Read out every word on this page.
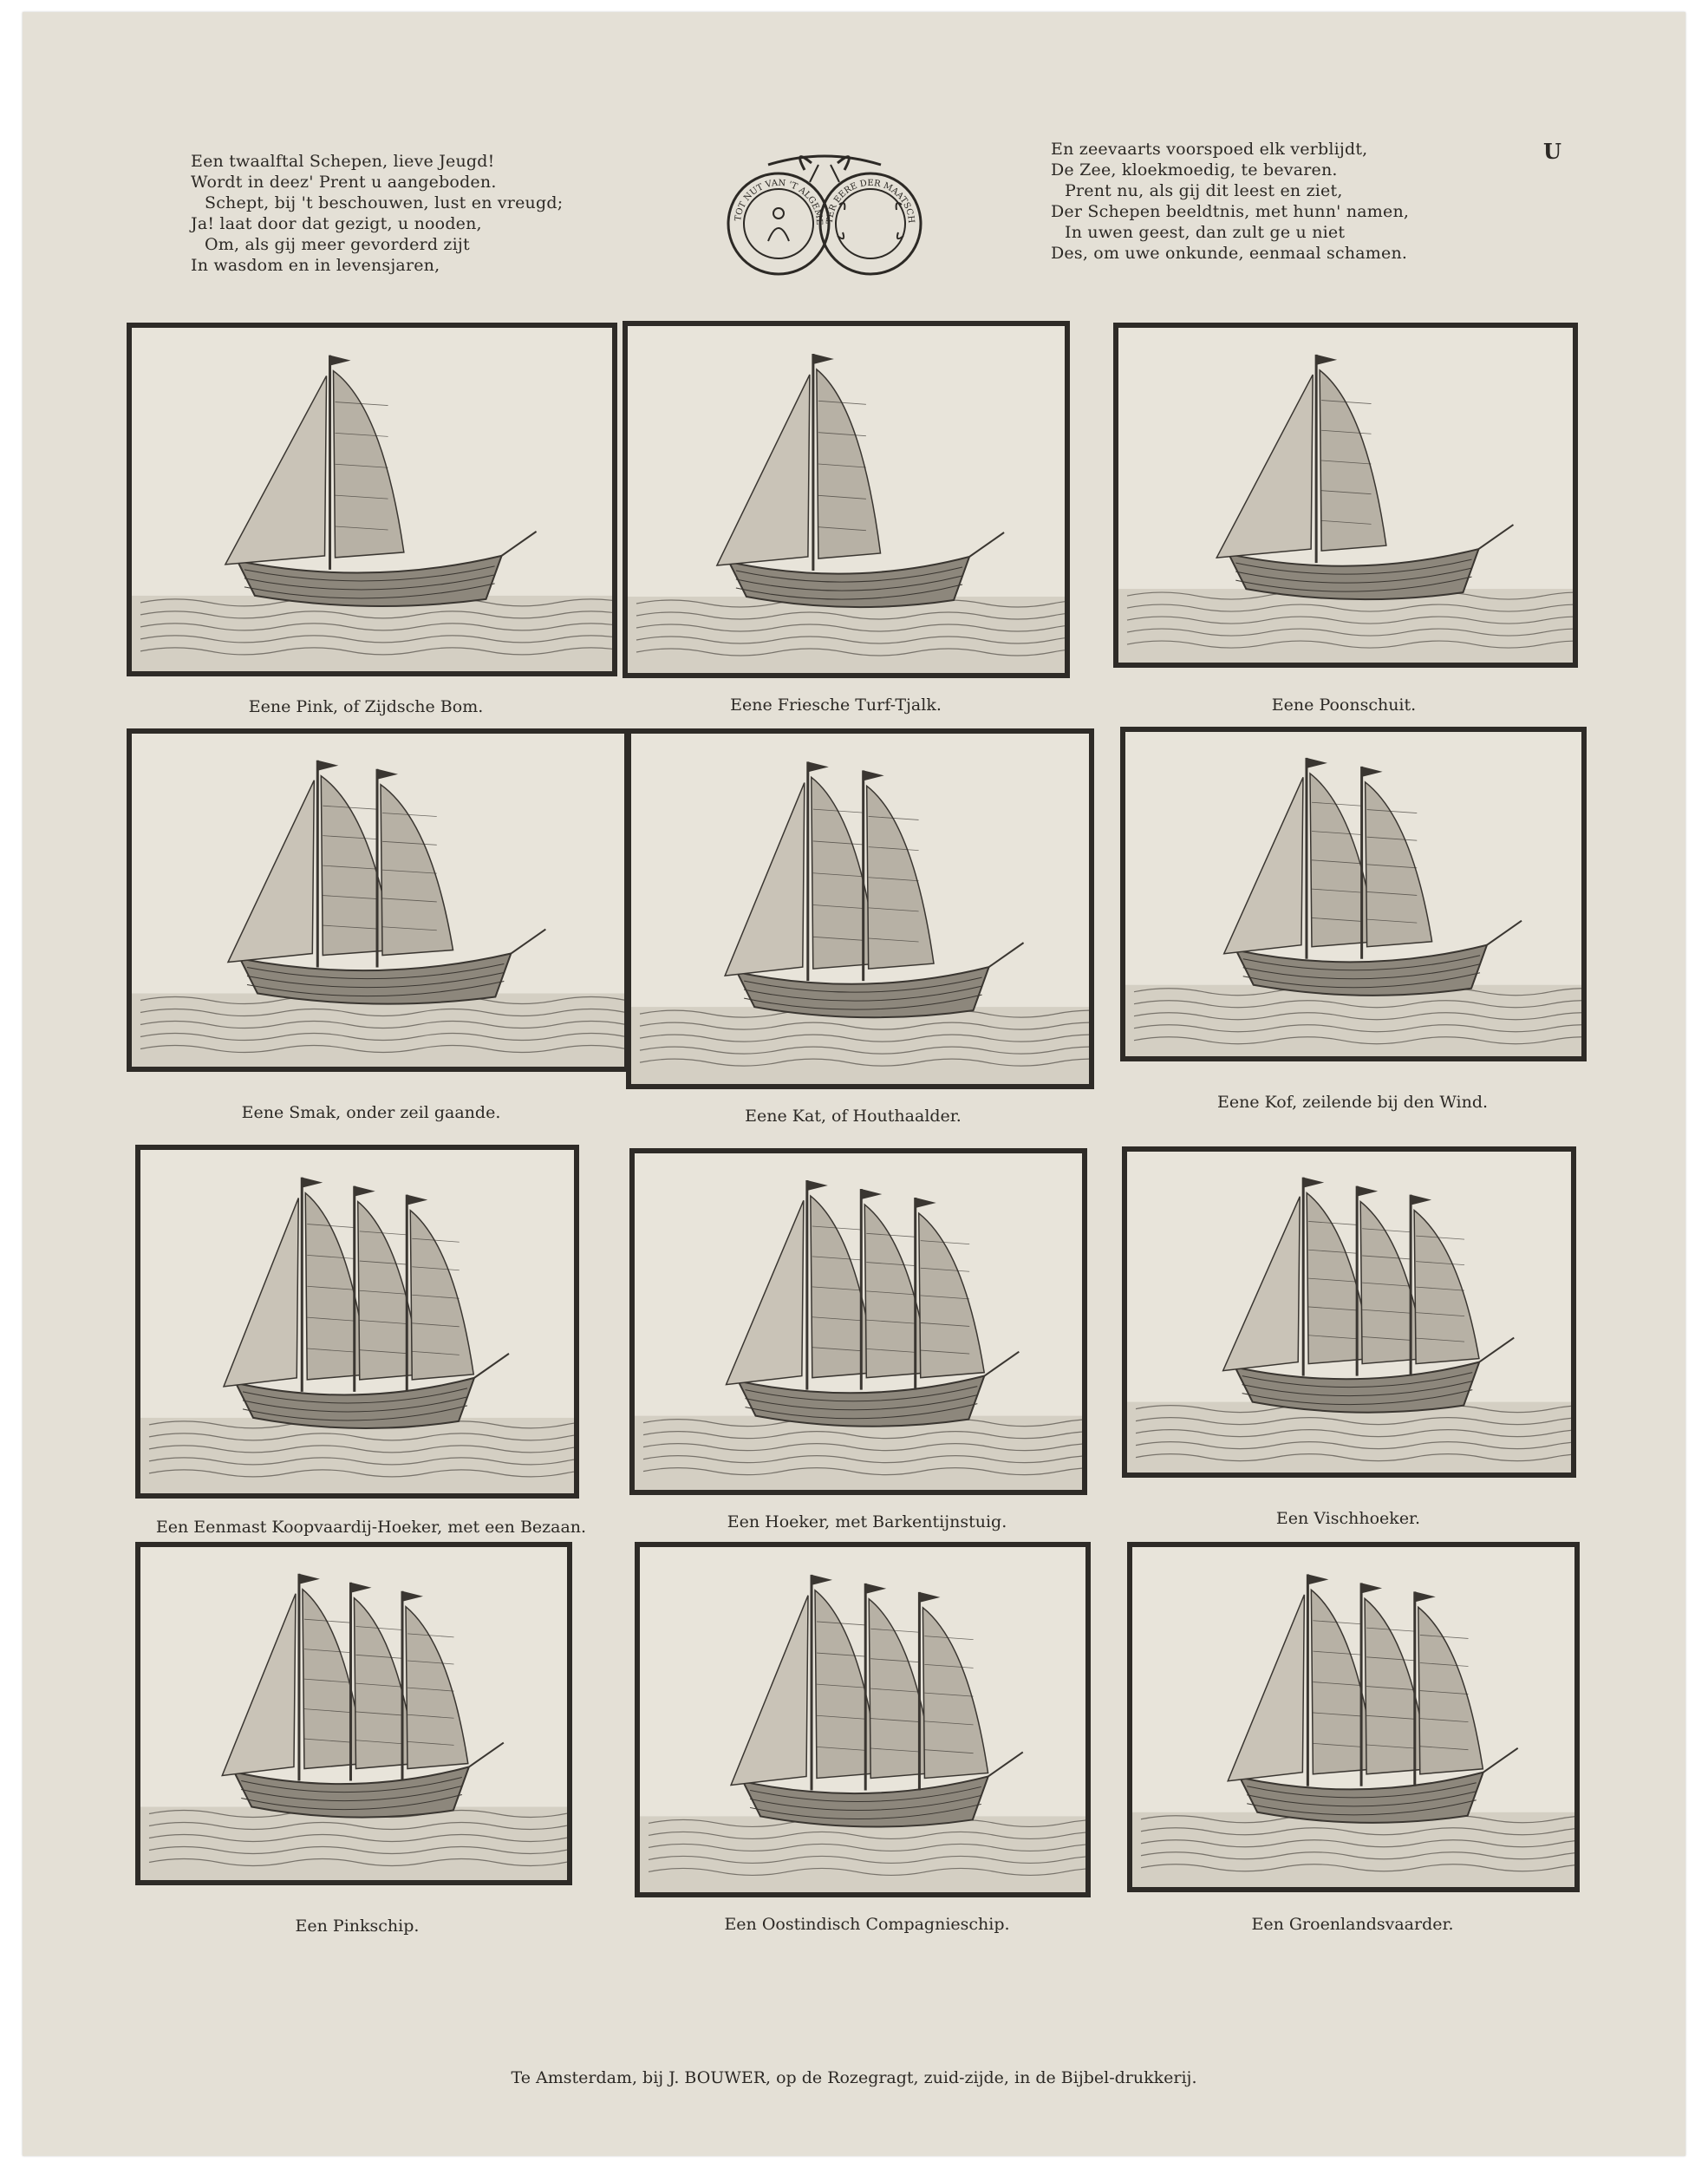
Een twaalftal Schepen, lieve Jeugd!
Wordt in deez' Prent u aangeboden.
Schept, bij 't beschouwen, lust en vreugd;
Ja! laat door dat gezigt, u nooden,
Om, als gij meer gevorderd zijt
In wasdom en in levensjaren,
TOT NUT VAN 'T ALGEME TER EERE DER MAATSCH
En zeevaarts voorspoed elk verblijdt,
De Zee, kloekmoedig, te bevaren.
Prent nu, als gij dit leest en ziet,
Der Schepen beeldtnis, met hunn' namen,
In uwen geest, dan zult ge u niet
Des, om uwe onkunde, eenmaal schamen.
U
Eene Pink, of Zijdsche Bom.	Eene Friesche Turf-Tjalk.	Eene Poonschuit.
Eene Smak, onder zeil gaande.	Eene Kat, of Houthaalder.
Eene Kof, zeilende bij den Wind.
Een Eenmast Koopvaardij-Hoeker, met een Bezaan.	Een Hoeker, met Barkentijnstuig.	Een Vischhoeker.
Een Pinkschip.	Een Oostindisch Compagnieschip.	Een Groenlandsvaarder.
Te Amsterdam, bij J. BOUWER, op de Rozegragt, zuid-zijde, in de Bijbel-drukkerij.
